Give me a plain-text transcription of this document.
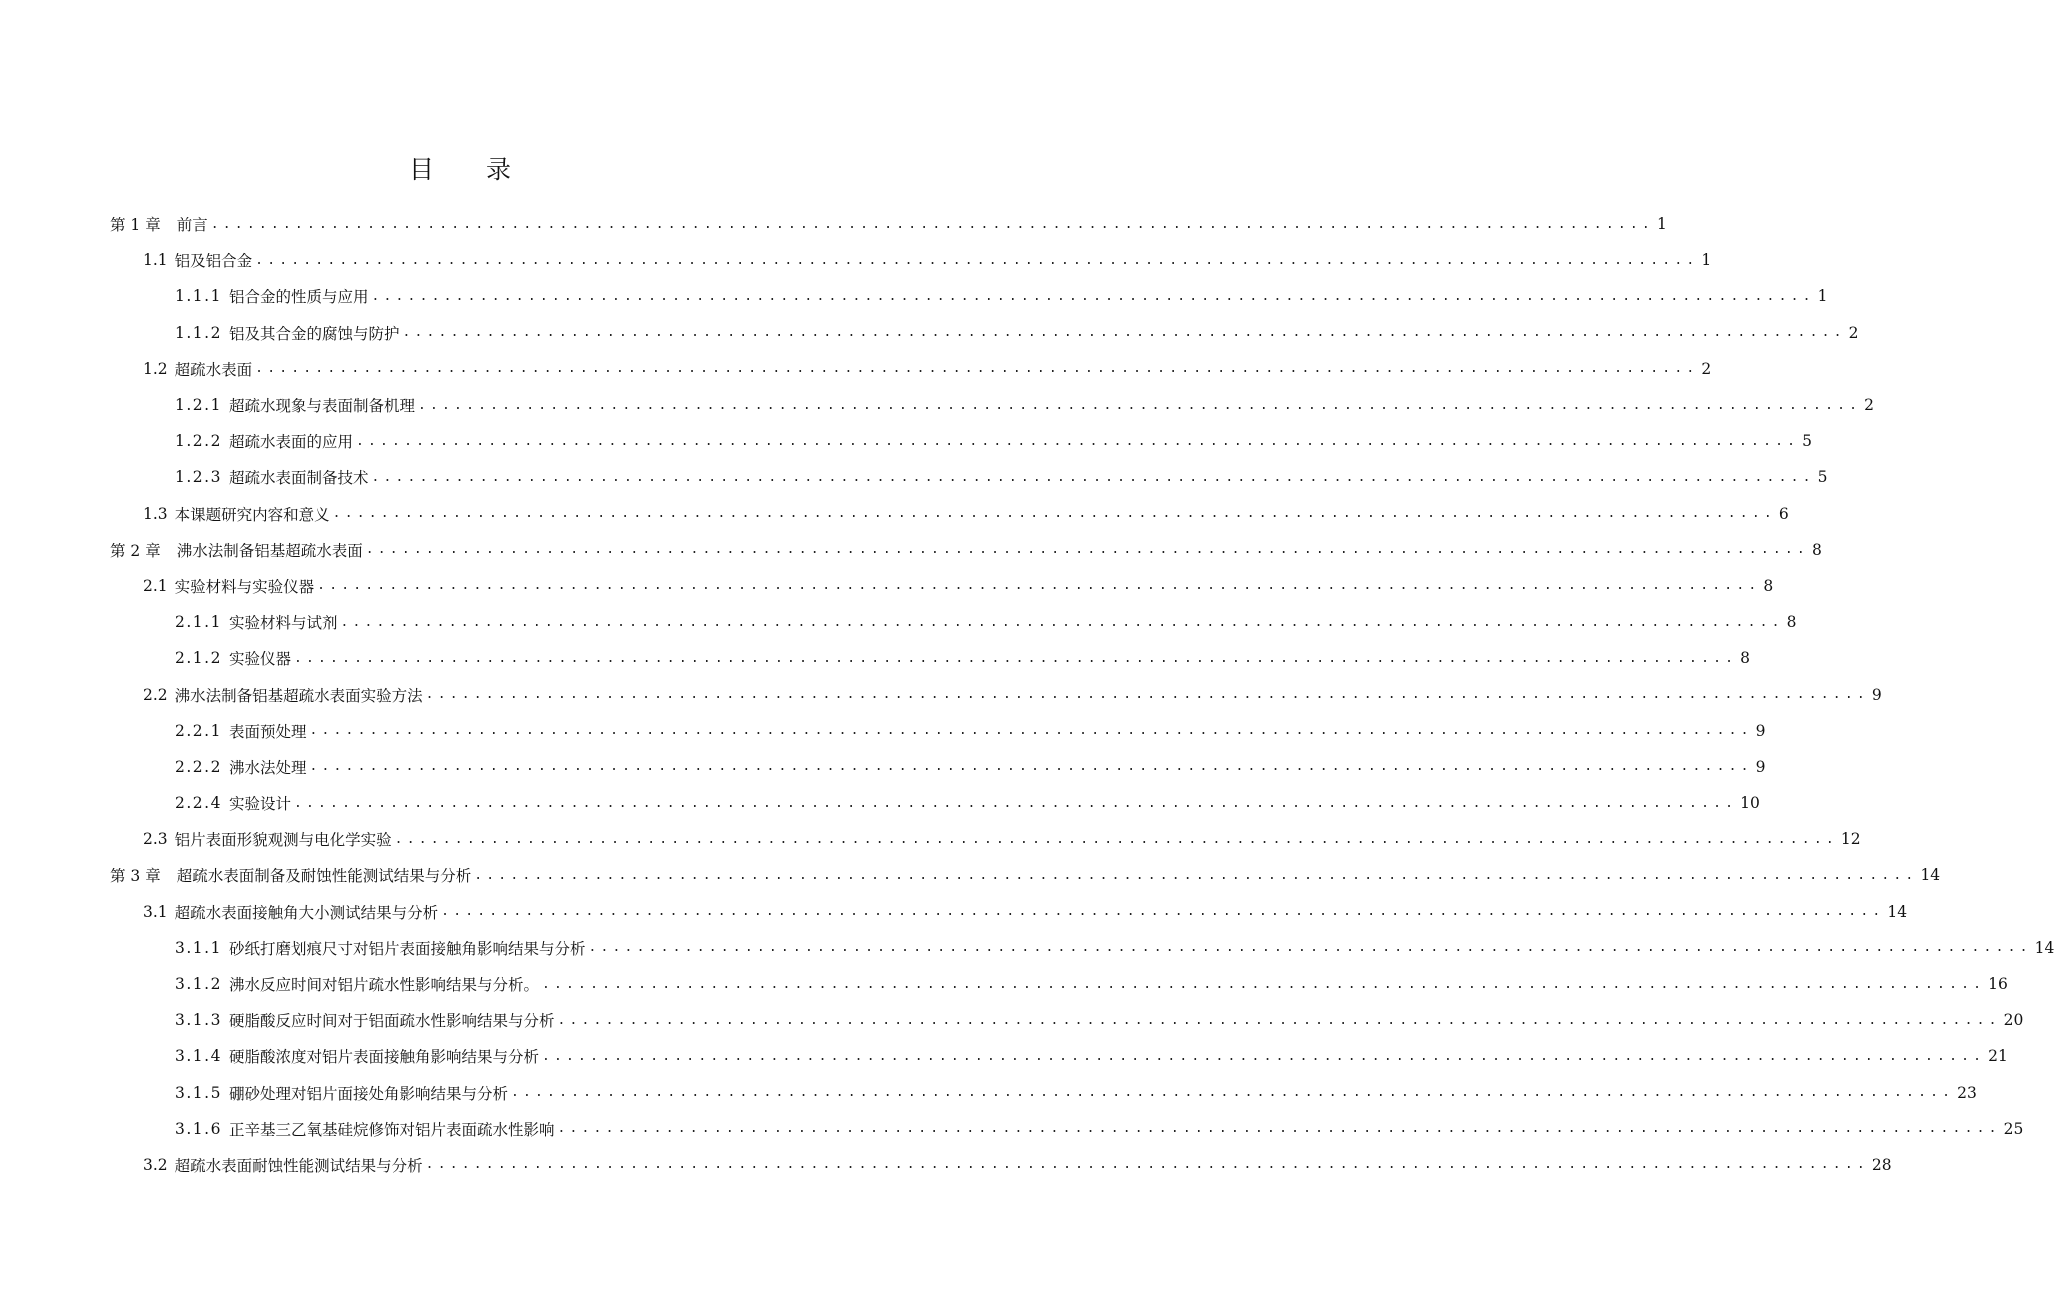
目 录
第 1 章 前言 ........................................................................................................................ 1
1.1 铝及铝合金 ........................................................................................................................ 1
1.1.1 铝合金的性质与应用 ........................................................................................................................ 1
1.1.2 铝及其合金的腐蚀与防护 ........................................................................................................................ 2
1.2 超疏水表面 ........................................................................................................................ 2
1.2.1 超疏水现象与表面制备机理 ........................................................................................................................ 2
1.2.2 超疏水表面的应用 ........................................................................................................................ 5
1.2.3 超疏水表面制备技术 ........................................................................................................................ 5
1.3 本课题研究内容和意义 ........................................................................................................................ 6
第 2 章 沸水法制备铝基超疏水表面 ........................................................................................................................ 8
2.1 实验材料与实验仪器 ........................................................................................................................ 8
2.1.1 实验材料与试剂 ........................................................................................................................ 8
2.1.2 实验仪器 ........................................................................................................................ 8
2.2 沸水法制备铝基超疏水表面实验方法 ........................................................................................................................ 9
2.2.1 表面预处理 ........................................................................................................................ 9
2.2.2 沸水法处理 ........................................................................................................................ 9
2.2.4 实验设计 ........................................................................................................................ 10
2.3 铝片表面形貌观测与电化学实验 ........................................................................................................................ 12
第 3 章 超疏水表面制备及耐蚀性能测试结果与分析 ........................................................................................................................ 14
3.1 超疏水表面接触角大小测试结果与分析 ........................................................................................................................ 14
3.1.1 砂纸打磨划痕尺寸对铝片表面接触角影响结果与分析 ........................................................................................................................ 14
3.1.2 沸水反应时间对铝片疏水性影响结果与分析。 ........................................................................................................................ 16
3.1.3 硬脂酸反应时间对于铝面疏水性影响结果与分析 ........................................................................................................................ 20
3.1.4 硬脂酸浓度对铝片表面接触角影响结果与分析 ........................................................................................................................ 21
3.1.5 硼砂处理对铝片面接处角影响结果与分析 ........................................................................................................................ 23
3.1.6 正辛基三乙氧基硅烷修饰对铝片表面疏水性影响 ........................................................................................................................ 25
3.2 超疏水表面耐蚀性能测试结果与分析 ........................................................................................................................ 28
